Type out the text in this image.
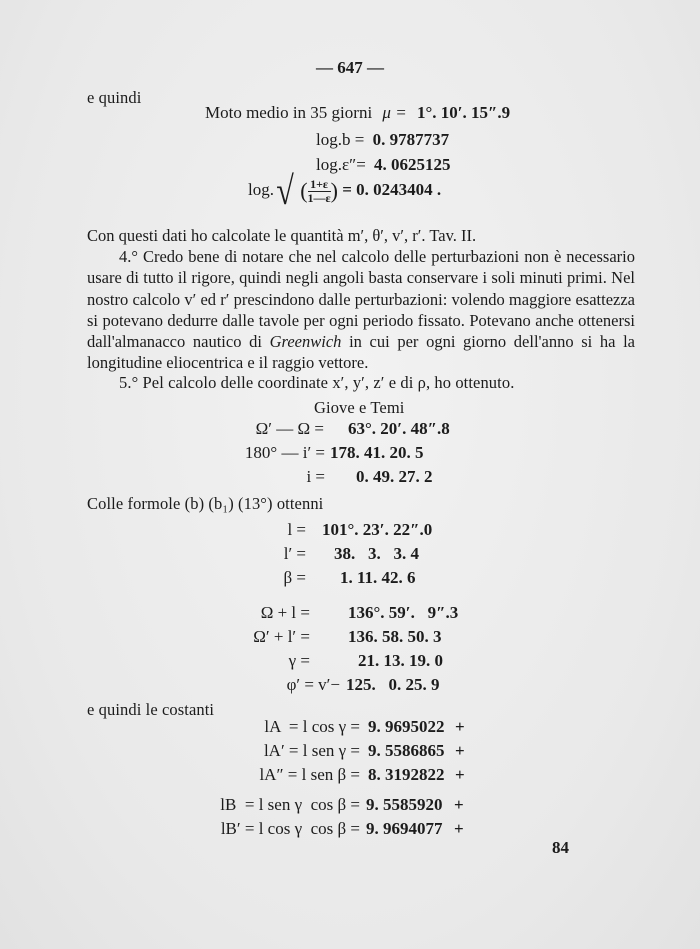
— 647 —
e quindi
Moto medio in 35 giorni μ = 1°. 10′. 15″.9
log.b = 0. 9787737
log.ε″= 4. 0625125
log.√ ( $\frac{1+\varepsilon}{1—\varepsilon}$ ) = 0. 0243404 .
Con questi dati ho calcolate le quantità m′, θ′, v′, r′. Tav. II.
4.° Credo bene di notare che nel calcolo delle perturbazioni non è necessario usare di tutto il rigore, quindi negli angoli basta conservare i soli minuti primi. Nel nostro calcolo v′ ed r′ prescindono dalle perturbazioni: volendo maggiore esattezza si potevano dedurre dalle tavole per ogni periodo fissato. Potevano anche ottenersi dall'almanacco nautico di Greenwich in cui per ogni giorno dell'anno si ha la longitudine eliocentrica e il raggio vettore.
5.° Pel calcolo delle coordinate x′, y′, z′ e di ρ, ho ottenuto.
Giove e Temi
Ω′ — Ω = 63°. 20′. 48″.8
180° — i′ = 178. 41. 20. 5
i = 0. 49. 27. 2
Colle formole (b) (b₁) (13°) ottenni
l = 101°. 23′. 22″.0
l′ = 38.   3.   3. 4
β = 1. 11. 42. 6
Ω + l = 136°. 59′.   9″.3
Ω′ + l′ = 136. 58. 50. 3
γ =	21. 13. 19. 0
φ′ = v′− 125.   0. 25. 9
e quindi le costanti
lA  = l cos γ = 9. 9695022 +
lA′ = l sen γ = 9. 5586865 +
lA″ = l sen β = 8. 3192822 +
lB  = l sen γ  cos β = 9. 5585920 +
lB′ = l cos γ  cos β = 9. 9694077 +
84
